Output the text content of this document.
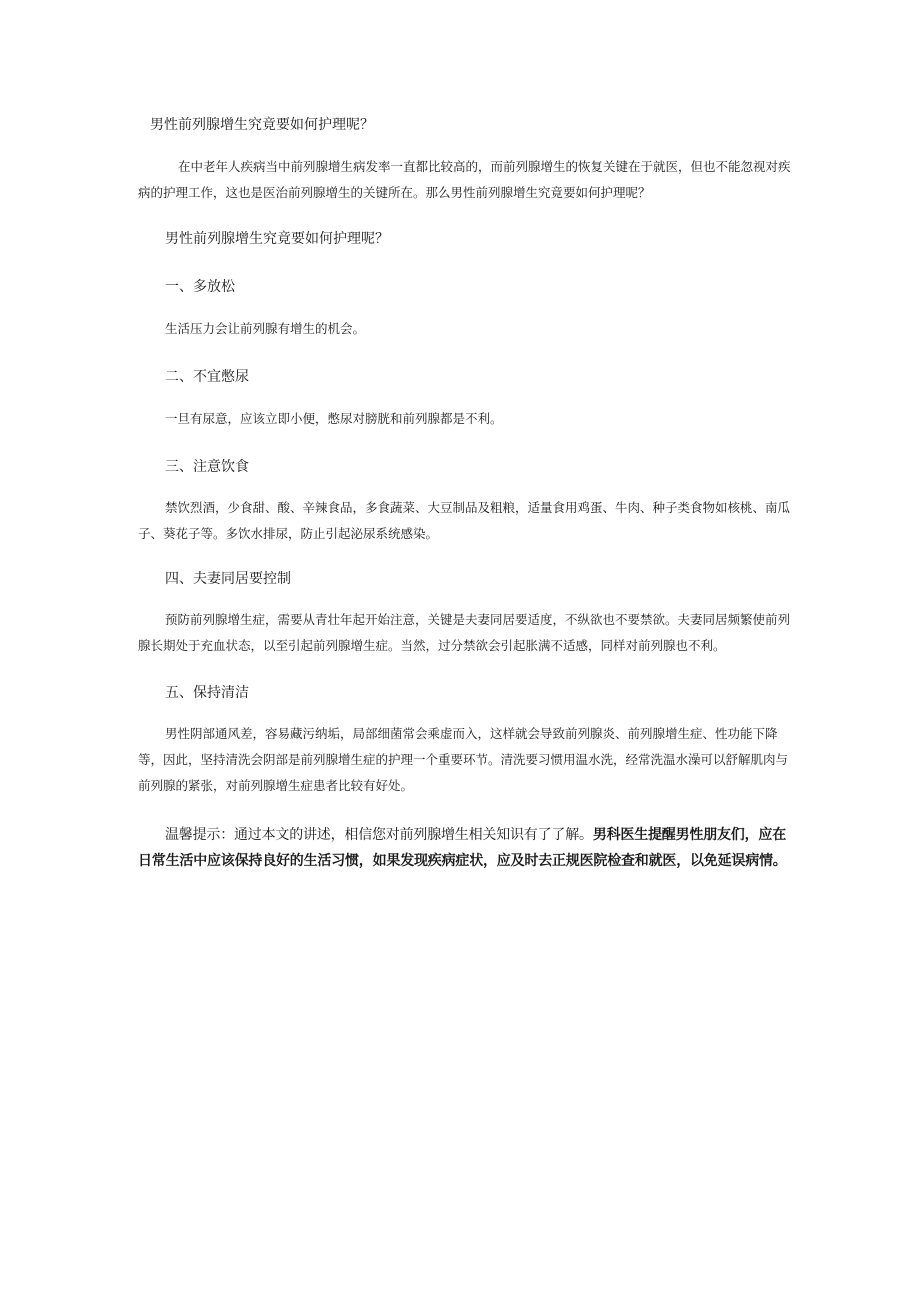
男性前列腺增生究竟要如何护理呢？

在中老年人疾病当中前列腺增生病发率一直都比较高的，而前列腺增生的恢复关键在于就医，但也不能忽视对疾病的护理工作，这也是医治前列腺增生的关键所在。那么男性前列腺增生究竟要如何护理呢？

男性前列腺增生究竟要如何护理呢？

一、多放松

生活压力会让前列腺有增生的机会。

二、不宜憋尿

一旦有尿意，应该立即小便，憋尿对膀胱和前列腺都是不利。

三、注意饮食

禁饮烈酒，少食甜、酸、辛辣食品，多食蔬菜、大豆制品及粗粮，适量食用鸡蛋、牛肉、种子类食物如核桃、南瓜子、葵花子等。多饮水排尿，防止引起泌尿系统感染。

四、夫妻同居要控制

预防前列腺增生症，需要从青壮年起开始注意，关键是夫妻同居要适度，不纵欲也不要禁欲。夫妻同居频繁使前列腺长期处于充血状态，以至引起前列腺增生症。当然，过分禁欲会引起胀满不适感，同样对前列腺也不利。

五、保持清洁

男性阴部通风差，容易藏污纳垢，局部细菌常会乘虚而入，这样就会导致前列腺炎、前列腺增生症、性功能下降等，因此，坚持清洗会阴部是前列腺增生症的护理一个重要环节。清洗要习惯用温水洗，经常洗温水澡可以舒解肌肉与前列腺的紧张，对前列腺增生症患者比较有好处。

温馨提示：通过本文的讲述，相信您对前列腺增生相关知识有了了解。男科医生提醒男性朋友们，应在日常生活中应该保持良好的生活习惯，如果发现疾病症状，应及时去正规医院检查和就医，以免延误病情。
